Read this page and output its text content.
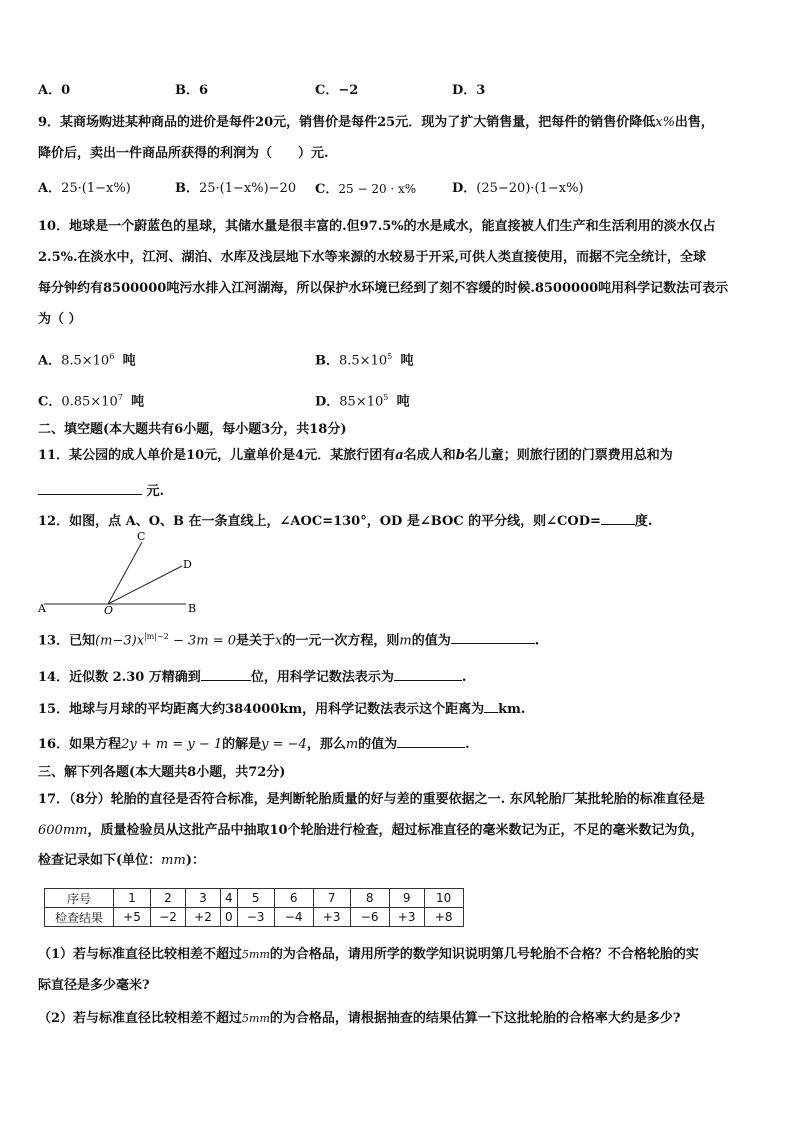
A．0	B．6	C．−2	D．3
9．某商场购进某种商品的进价是每件20元，销售价是每件25元．现为了扩大销售量，把每件的销售价降低x%出售，
降价后，卖出一件商品所获得的利润为（　　）元.
A．25·(1−x%)	B．25·(1−x%)−20 C．25 − 20 · x%	D．(25−20)·(1−x%)
10．地球是一个蔚蓝色的星球，其储水量是很丰富的.但97.5%的水是咸水，能直接被人们生产和生活利用的淡水仅占
2.5%.在淡水中，江河、湖泊、水库及浅层地下水等来源的水较易于开采,可供人类直接使用，而据不完全统计，全球
每分钟约有8500000吨污水排入江河湖海，所以保护水环境已经到了刻不容缓的时候.8500000吨用科学记数法可表示
为（ ）
A．$8.5\times 10^6$ 吨	B．$8.5\times 10^5$ 吨
C．$0.85\times 10^7$ 吨	D．$85\times 10^5$ 吨
二、填空题(本大题共有6小题，每小题3分，共18分)
11．某公园的成人单价是10元，儿童单价是4元．某旅行团有a名成人和b名儿童；则旅行团的门票费用总和为
元.
12．如图，点 A、O、B 在一条直线上，∠AOC=130°，OD 是∠BOC 的平分线，则∠COD=	度.
A	O	B
C
D
13．已知$(m-3)x^{|m|-2} - 3m = 0$是关于x的一元一次方程，则m的值为	.
14．近似数 2.30 万精确到	位，用科学记数法表示为	.
15．地球与月球的平均距离大约384000km，用科学记数法表示这个距离为 km.
16．如果方程2y + m = y − 1的解是y = −4，那么m的值为	.
三、解下列各题(本大题共8小题，共72分)
17．（8分）轮胎的直径是否符合标准，是判断轮胎质量的好与差的重要依据之一. 东风轮胎厂某批轮胎的标准直径是
600mm，质量检验员从这批产品中抽取10个轮胎进行检查，超过标准直径的毫米数记为正，不足的毫米数记为负，
检查记录如下(单位：mm)：
序号	1	2	3	4	5	6	7	8	9	10
检查结果	+5	−2	+2	0	−3	−4	+3	−6	+3	+8
（1）若与标准直径比较相差不超过5mm的为合格品，请用所学的数学知识说明第几号轮胎不合格？不合格轮胎的实
际直径是多少毫米?
（2）若与标准直径比较相差不超过5mm的为合格品，请根据抽查的结果估算一下这批轮胎的合格率大约是多少?
